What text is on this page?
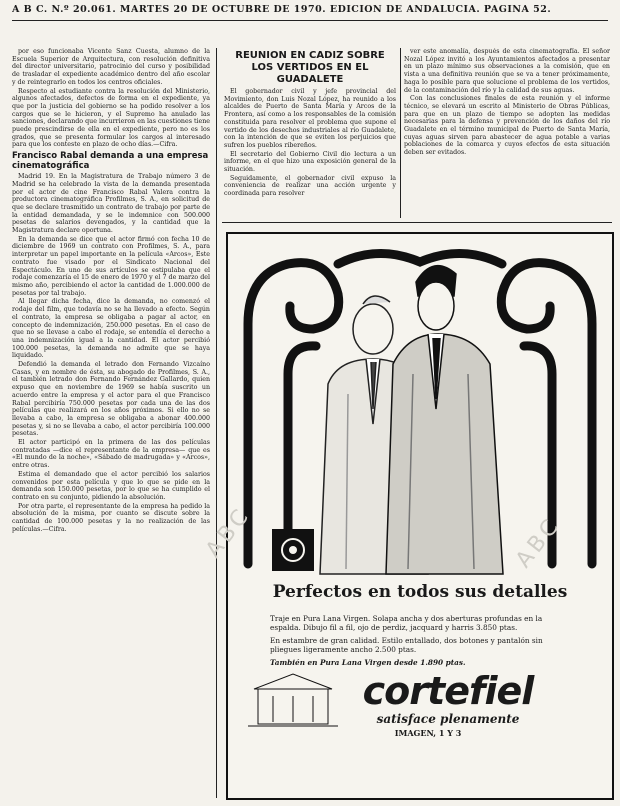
A B C. N.º 20.061. MARTES 20 DE OCTUBRE DE 1970. EDICION DE ANDALUCIA. PAGINA 52.

por eso funcionaba Vicente Sanz Cuesta, alumno de la Escuela Superior de Arquitectura, con resolución definitiva del director universitario, patrocinio del curso y posibilidad de trasladar el expediente académico dentro del año escolar y de reintegrarlo en todos los centros oficiales.

Respecto al estudiante contra la resolución del Ministerio, algunos afectados, defectos de forma en el expediente, ya que por la justicia del gobierno se ha podido resolver a los cargos que se le hicieron, y el Supremo ha anulado las sanciones, declarando que incurrieron en las cuestiones tiene puede prescindirse de ella en el expediente, pero no es los grados, que se presenta formular los cargos al interesado para que los conteste en plazo de ocho días.—Cifra.

Francisco Rabal demanda a una empresa cinematográfica

Madrid 19. En la Magistratura de Trabajo número 3 de Madrid se ha celebrado la vista de la demanda presentada por el actor de cine Francisco Rabal Valera contra la productora cinematográfica Profilmes, S. A., en solicitud de que se declare trasmitido un contrato de trabajo por parte de la entidad demandada, y se le indemnice con 500.000 pesetas de salarios devengados, y la cantidad que la Magistratura declare oportuna.

En la demanda se dice que el actor firmó con fecha 10 de diciembre de 1969 un contrato con Profilmes, S. A., para interpretar un papel importante en la película «Arcos», Este contrato fue visado por el Sindicato Nacional del Espectáculo. En uno de sus artículos se estipulaba que el rodaje comenzaría el 15 de enero de 1970 y el 7 de marzo del mismo año, percibiendo el actor la cantidad de 1.000.000 de pesetas por tal trabajo.

Al llegar dicha fecha, dice la demanda, no comenzó el rodaje del film, que todavía no se ha llevado a efecto. Según el contrato, la empresa se obligaba a pagar al actor, en concepto de indemnización, 250.000 pesetas. En el caso de que no se llevase a cabo el rodaje, se entendía el derecho a una indemnización igual a la cantidad. El actor percibió 100.000 pesetas, la demanda no admite que se haya liquidado.

Defendió la demanda el letrado don Fernando Vizcaíno Casas, y en nombre de ésta, su abogado de Profilmes, S. A., el también letrado don Fernando Fernández Gallardo, quien expuso que en noviembre de 1969 se había suscrito un acuerdo entre la empresa y el actor para el que Francisco Rabal percibiría 750.000 pesetas por cada una de las dos películas que realizará en los años próximos. Si ello no se llevaba a cabo, la empresa se obligaba a abonar 400.000 pesetas y, si no se llevaba a cabo, el actor percibiría 100.000 pesetas.

El actor participó en la primera de las dos películas contratadas —dice el representante de la empresa— que es «El mundo de la noche», «Sábado de madrugada» y «Arcos», entre otras.

Estima el demandado que el actor percibió los salarios convenidos por esta película y que lo que se pide en la demanda son 150.000 pesetas, por lo que se ha cumplido el contrato en su conjunto, pidiendo la absolución.

Por otra parte, el representante de la empresa ha pedido la absolución de la misma, por cuanto se discute sobre la cantidad de 100.000 pesetas y la no realización de las películas.—Cifra.

REUNION EN CADIZ SOBRE LOS VERTIDOS EN EL GUADALETE

El gobernador civil y jefe provincial del Movimiento, don Luis Nozal López, ha reunido a los alcaldes de Puerto de Santa María y Arcos de la Frontera, así como a los responsables de la comisión constituida para resolver el problema que supone el vertido de los desechos industriales al río Guadalete, con la intención de que se eviten los perjuicios que sufren los pueblos ribereños.

El secretario del Gobierno Civil dio lectura a un informe, en el que hizo una exposición general de la situación.

Seguidamente, el gobernador civil expuso la conveniencia de realizar una acción urgente y coordinada para resolver

ver este anomalía, después de esta cinematografía. El señor Nozal López invitó a los Ayuntamientos afectados a presentar en un plazo mínimo sus observaciones a la comisión, que en vista a una definitiva reunión que se va a tener próximamente, haga lo posible para que solucione el problema de los vertidos, de la contaminación del río y la calidad de sus aguas.

Con las conclusiones finales de esta reunión y el informe técnico, se elevará un escrito al Ministerio de Obras Públicas, para que en un plazo de tiempo se adopten las medidas necesarias para la defensa y prevención de los daños del río Guadalete en el término municipal de Puerto de Santa María, cuyas aguas sirven para abastecer de agua potable a varias poblaciones de la comarca y cuyos efectos de esta situación deben ser evitados.

Perfectos en todos sus detalles
Traje en Pura Lana Virgen. Solapa ancha y dos aberturas profundas en la espalda. Dibujo fil a fil, ojo de perdiz, jacquard y harris 3.850 ptas.
En estambre de gran calidad. Estilo entallado, dos botones y pantalón sin pliegues ligeramente ancho 2.500 ptas.
También en Pura Lana Virgen desde 1.890 ptas.
cortefiel
satisface plenamente
IMAGEN, 1 Y 3
ABC	ABC
